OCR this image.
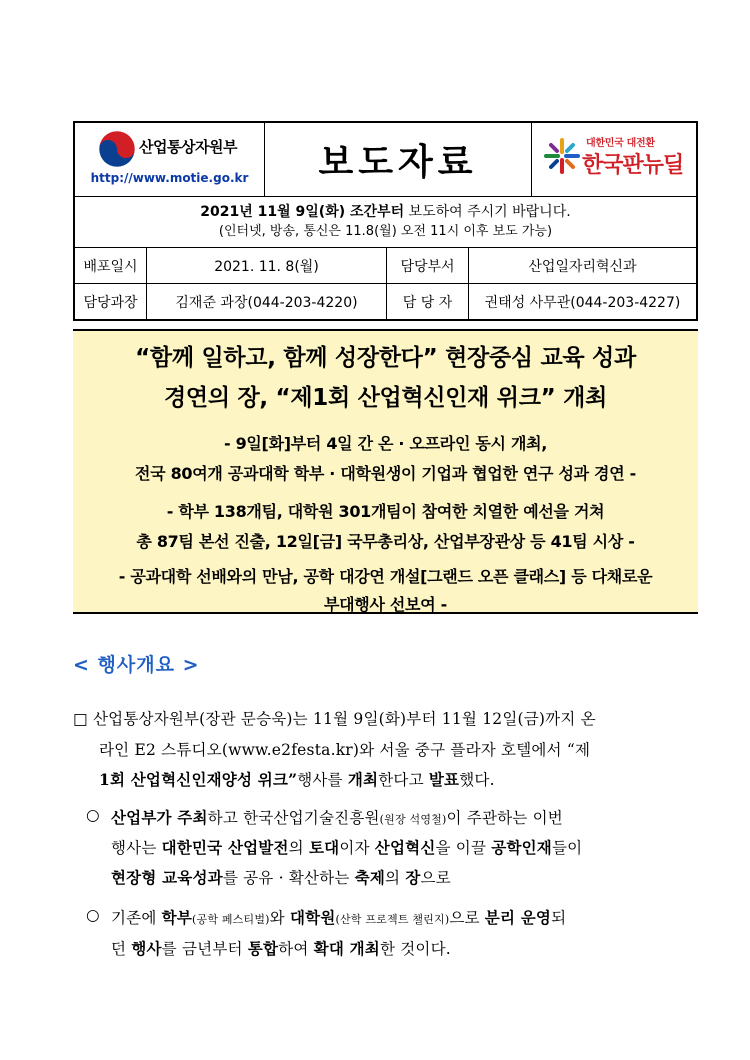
산업통상자원부
http://www.motie.go.kr	보도자료	대한민국 대전환
한국판뉴딜
2021년 11월 9일(화) 조간부터 보도하여 주시기 바랍니다.
(인터넷, 방송, 통신은 11.8(월) 오전 11시 이후 보도 가능)
배포일시	2021. 11. 8(월)	담당부서	산업일자리혁신과
담당과장	김재준 과장(044-203-4220)	담 당 자	권태성 사무관(044-203-4227)
“함께 일하고, 함께 성장한다” 현장중심 교육 성과
경연의 장, “제1회 산업혁신인재 위크” 개최
- 9일[화]부터 4일 간 온 · 오프라인 동시 개최,
전국 80여개 공과대학 학부 · 대학원생이 기업과 협업한 연구 성과 경연 -
- 학부 138개팀, 대학원 301개팀이 참여한 치열한 예선을 거쳐
총 87팀 본선 진출, 12일[금] 국무총리상, 산업부장관상 등 41팀 시상 -
- 공과대학 선배와의 만남, 공학 대강연 개설[그랜드 오픈 클래스] 등 다채로운
부대행사 선보여 -
< 행사개요 >
□ 산업통상자원부(장관 문승욱)는 11월 9일(화)부터 11월 12일(금)까지 온
라인 E2 스튜디오(www.e2festa.kr)와 서울 중구 플라자 호텔에서 “제
1회 산업혁신인재양성 위크”행사를 개최한다고 발표했다.
○ 산업부가 주최하고 한국산업기술진흥원(원장 석영철)이 주관하는 이번
행사는 대한민국 산업발전의 토대이자 산업혁신을 이끌 공학인재들이
현장형 교육성과를 공유 · 확산하는 축제의 장으로
○ 기존에 학부(공학 페스티벌)와 대학원(산학 프로젝트 챌린지)으로 분리 운영되
던 행사를 금년부터 통합하여 확대 개최한 것이다.
